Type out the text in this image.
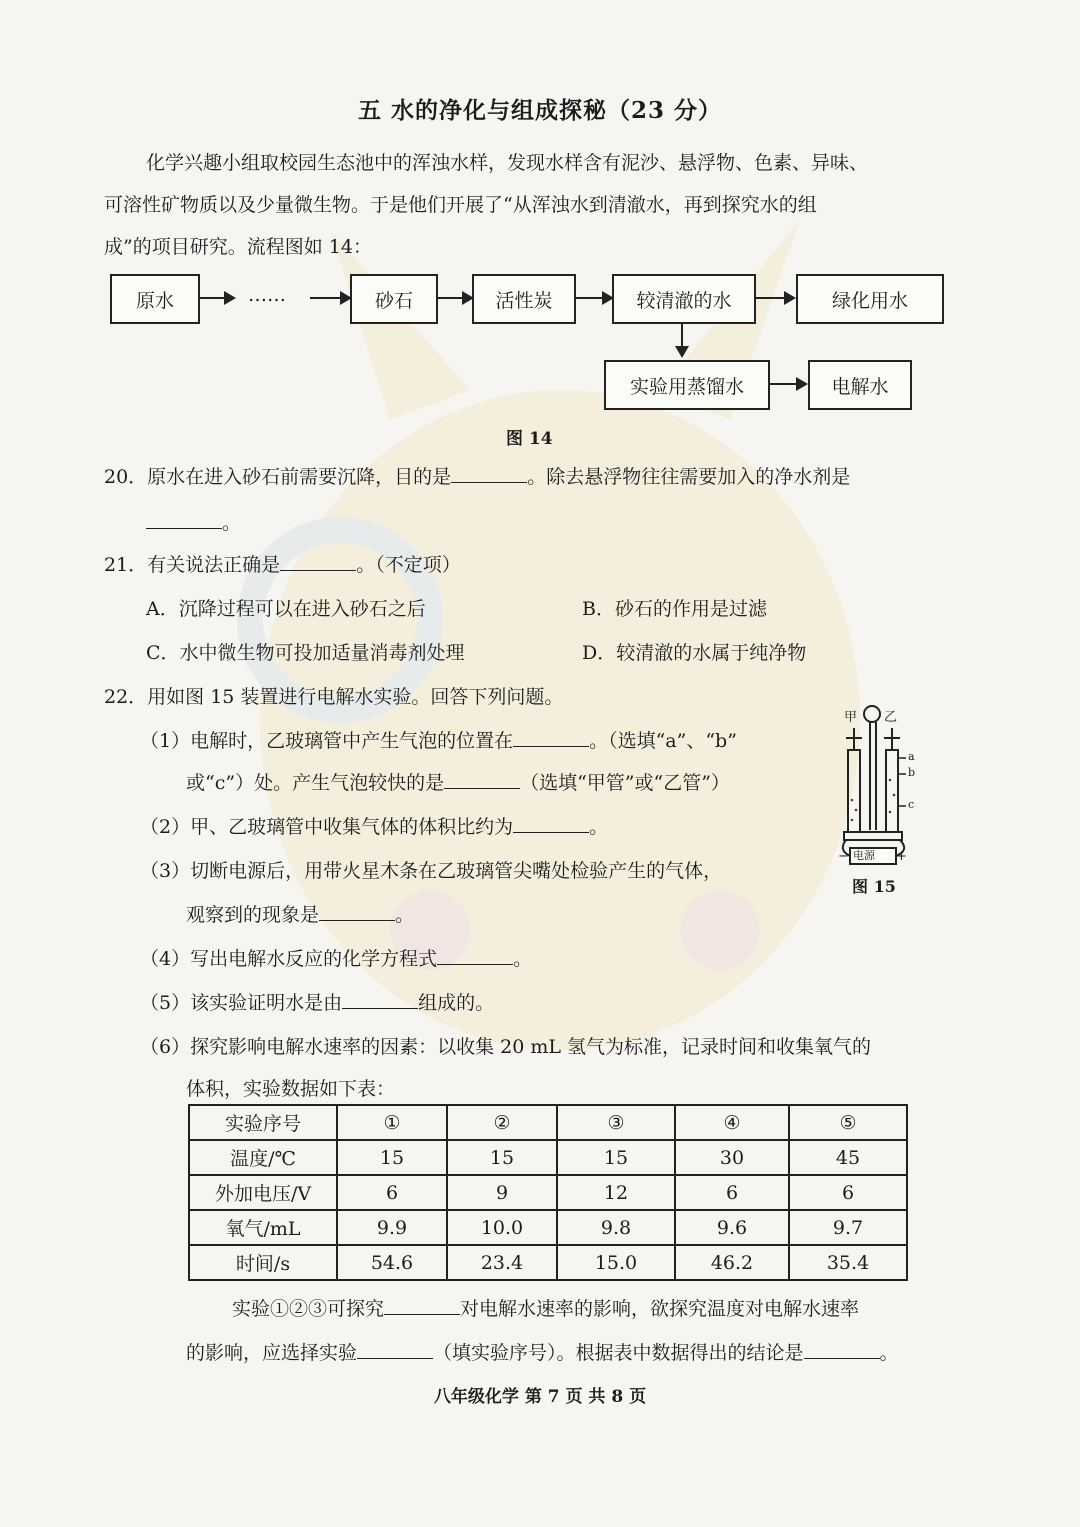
五 水的净化与组成探秘（23 分）
化学兴趣小组取校园生态池中的浑浊水样，发现水样含有泥沙、悬浮物、色素、异味、
可溶性矿物质以及少量微生物。于是他们开展了“从浑浊水到清澈水，再到探究水的组
成”的项目研究。流程图如 14：
原水	……	砂石	活性炭	较清澈的水	绿化用水
实验用蒸馏水	电解水
图 14
20．原水在进入砂石前需要沉降，目的是	。除去悬浮物往往需要加入的净水剂是
。
21．有关说法正确是	。（不定项）
A．沉降过程可以在进入砂石之后	B．砂石的作用是过滤
C．水中微生物可投加适量消毒剂处理	D．较清澈的水属于纯净物
22．用如图 15 装置进行电解水实验。回答下列问题。
（1）电解时，乙玻璃管中产生气泡的位置在	。（选填“a”、“b”
或“c”）处。产生气泡较快的是	（选填“甲管”或“乙管”）
（2）甲、乙玻璃管中收集气体的体积比约为	。
（3）切断电源后，用带火星木条在乙玻璃管尖嘴处检验产生的气体，
观察到的现象是	。
（4）写出电解水反应的化学方程式	。
（5）该实验证明水是由	组成的。
（6）探究影响电解水速率的因素：以收集 20 mL 氢气为标准，记录时间和收集氧气的
体积，实验数据如下表：
甲 乙
a
b
c
电源
−	+
图 15
实验序号	①	②	③	④	⑤
温度/℃	15	15	15	30	45
外加电压/V	6	9	12	6	6
氧气/mL	9.9	10.0	9.8	9.6	9.7
时间/s	54.6	23.4	15.0	46.2	35.4
实验①②③可探究	对电解水速率的影响，欲探究温度对电解水速率
的影响，应选择实验	（填实验序号）。根据表中数据得出的结论是	。
八年级化学 第 7 页 共 8 页
